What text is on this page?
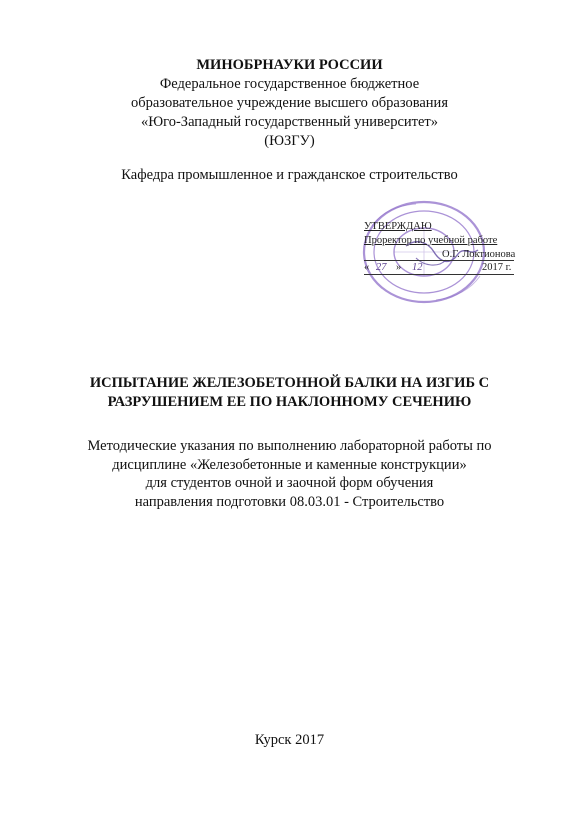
МИНОБРНАУКИ РОССИИ
Федеральное государственное бюджетное
образовательное учреждение высшего образования
«Юго-Западный государственный университет»
(ЮЗГУ)
Кафедра промышленное и гражданское строительство
УТВЕРЖДАЮ
Проректор по учебной работе
О.Г. Локтионова
« 27 » 12	2017 г.
ИСПЫТАНИЕ ЖЕЛЕЗОБЕТОННОЙ БАЛКИ НА ИЗГИБ С
РАЗРУШЕНИЕМ ЕЕ ПО НАКЛОННОМУ СЕЧЕНИЮ
Методические указания по выполнению лабораторной работы по
дисциплине «Железобетонные и каменные конструкции»
для студентов очной и заочной форм обучения
направления подготовки 08.03.01 - Строительство
Курск 2017
